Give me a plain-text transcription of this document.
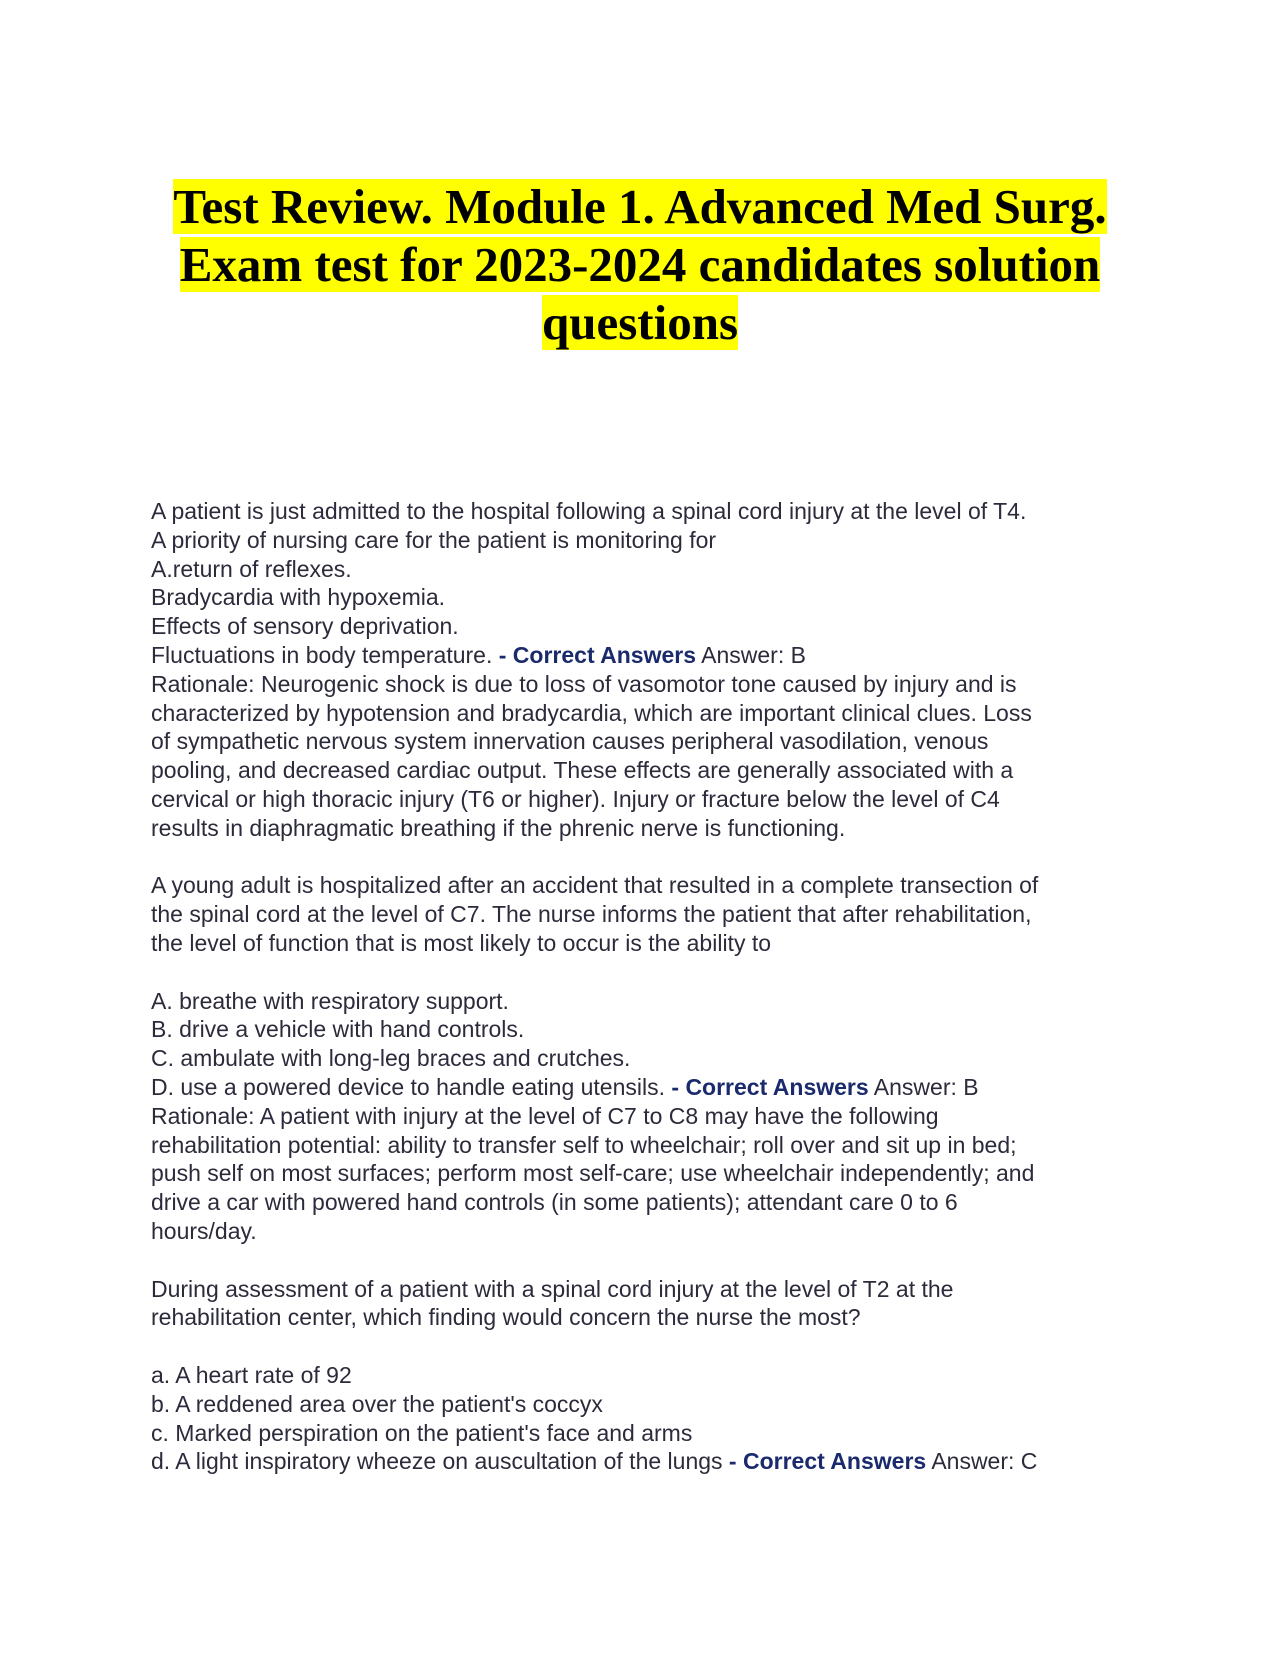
Test Review. Module 1. Advanced Med Surg.
Exam test for 2023-2024 candidates solution
questions
A patient is just admitted to the hospital following a spinal cord injury at the level of T4.
A priority of nursing care for the patient is monitoring for
A.return of reflexes.
Bradycardia with hypoxemia.
Effects of sensory deprivation.
Fluctuations in body temperature. - Correct Answers Answer: B
Rationale: Neurogenic shock is due to loss of vasomotor tone caused by injury and is
characterized by hypotension and bradycardia, which are important clinical clues. Loss
of sympathetic nervous system innervation causes peripheral vasodilation, venous
pooling, and decreased cardiac output. These effects are generally associated with a
cervical or high thoracic injury (T6 or higher). Injury or fracture below the level of C4
results in diaphragmatic breathing if the phrenic nerve is functioning.
A young adult is hospitalized after an accident that resulted in a complete transection of
the spinal cord at the level of C7. The nurse informs the patient that after rehabilitation,
the level of function that is most likely to occur is the ability to
A. breathe with respiratory support.
B. drive a vehicle with hand controls.
C. ambulate with long-leg braces and crutches.
D. use a powered device to handle eating utensils. - Correct Answers Answer: B
Rationale: A patient with injury at the level of C7 to C8 may have the following
rehabilitation potential: ability to transfer self to wheelchair; roll over and sit up in bed;
push self on most surfaces; perform most self-care; use wheelchair independently; and
drive a car with powered hand controls (in some patients); attendant care 0 to 6
hours/day.
During assessment of a patient with a spinal cord injury at the level of T2 at the
rehabilitation center, which finding would concern the nurse the most?
a. A heart rate of 92
b. A reddened area over the patient's coccyx
c. Marked perspiration on the patient's face and arms
d. A light inspiratory wheeze on auscultation of the lungs - Correct Answers Answer: C
